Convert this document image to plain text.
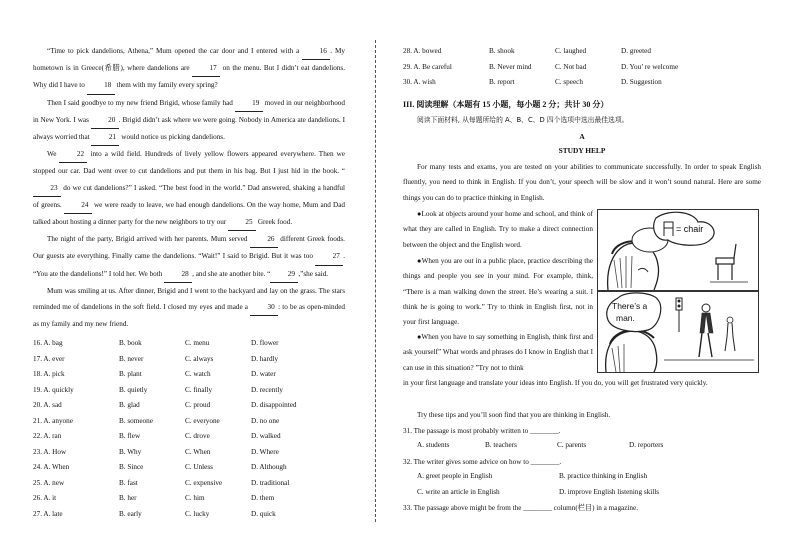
“Time to pick dandelions, Athena,” Mum opened the car door and I entered with a 16 . My hometown is in Greece(希腊), where dandelions are 17 on the menu. But I didn’t eat dandelions. Why did I have to 18 them with my family every spring?

Then I said goodbye to my new friend Brigid, whose family had 19 moved in our neighborhood in New York. I was 20 . Brigid didn’t ask where we were going. Nobody in America ate dandelions. I always worried that 21 would notice us picking dandelions.

We 22 into a wild field. Hundreds of lively yellow flowers appeared everywhere. Then we stopped our car. Dad went over to cut dandelions and put them in his bag. But I just hid in the book. “23 do we cut dandelions?” I asked. “The best food in the world.” Dad answered, shaking a handful of greens. 24 we were ready to leave, we had enough dandelions. On the way home, Mum and Dad talked about hosting a dinner party for the new neighbors to try our 25 Greek food.

The night of the party, Brigid arrived with her parents. Mum served 26 different Greek foods. Our guests ate everything. Finally came the dandelions. “Wait!” I said to Brigid. But it was too 27 . “You ate the dandelions!” I told her. We both 28 , and she ate another bite. “ 29 ,”she said.

Mum was smiling at us. After dinner, Brigid and I went to the backyard and lay on the grass. The stars reminded me of dandelions in the soft field. I closed my eyes and made a 30 : to be as open-minded as my family and my new friend.

16. A. bag	B. book	C. menu	D. flower
17. A. ever	B. never	C. always	D. hardly
18. A. pick	B. plant	C. watch	D. water
19. A. quickly	B. quietly	C. finally	D. recently
20. A. sad	B. glad	C. proud	D. disappointed
21. A. anyone	B. someone	C. everyone	D. no one
22. A. ran	B. flew	C. drove	D. walked
23. A. How	B. Why	C. When	D. Where
24. A. When	B. Since	C. Unless	D. Although
25. A. new	B. fast	C. expensive	D. traditional
26. A. it	B. her	C. him	D. them
27. A. late	B. early	C. lucky	D. quick
28. A. bowed	B. shook	C. laughed	D. greeted
29. A. Be careful	B. Never mind	C. Not bad	D. You’ re welcome
30. A. wish	B. report	C. speech	D. Suggestion

III. 阅读理解（本题有 15 小题，每小题 2 分；共计 30 分）

阅读下面材料, 从每题所给的 A、B、C、D 四个选项中选出最佳选项。

A

STUDY HELP

For many tests and exams, you are tested on your abilities to communicate successfully. In order to speak English fluently, you need to think in English. If you don’t, your speech will be slow and it won’t sound natural. Here are some things you can do to practice thinking in English.

●Look at objects around your home and school, and think of what they are called in English. Try to make a direct connection between the object and the English word.

●When you are out in a public place, practice describing the things and people you see in your mind. For example, think, “There is a man walking down the street. He’s wearing a suit. I think he is going to work.” Try to think in English first, not in your first language.

●When you have to say something in English, think first and ask yourself” What words and phrases do I know in English that I can use in this situation? ”Try not to think

in your first language and translate your ideas into English. If you do, you will get frustrated very quickly.

Try these tips and you’ll soon find that you are thinking in English.

= chair
There’s a
man.

31. The passage is most probably written to ________.

A. students	B. teachers	C. parents	D. reporters

32. The writer gives some advice on how to ________.

A. greet people in English	B. practice thinking in English
C. write an article in English	D. improve English listening skills

33. The passage above might be from the ________ column(栏目) in a magazine.
